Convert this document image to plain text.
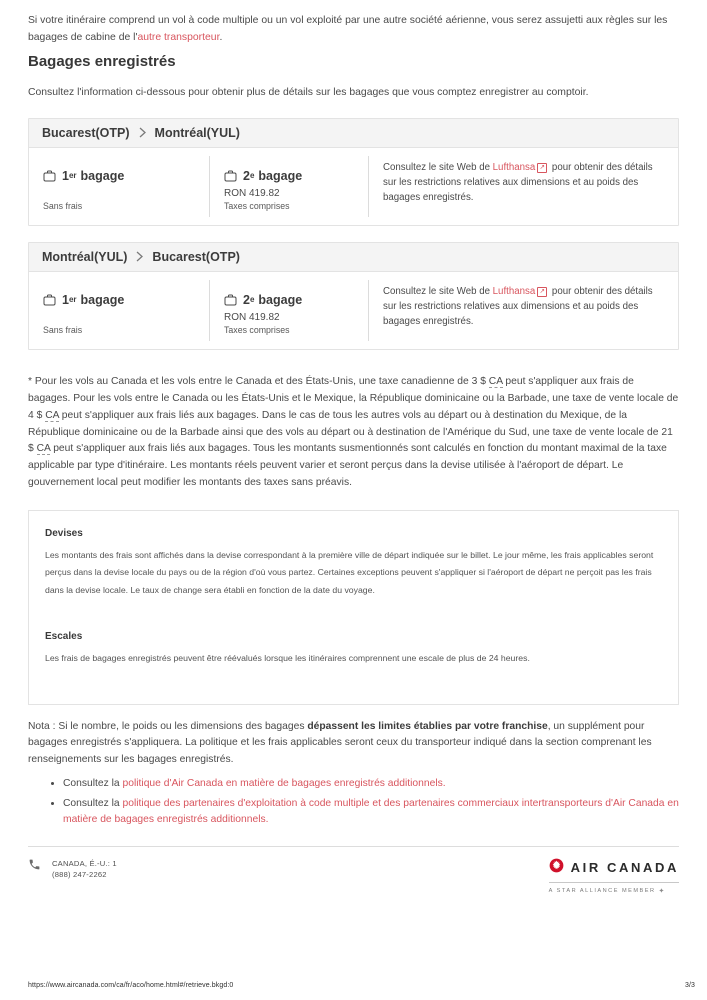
Si votre itinéraire comprend un vol à code multiple ou un vol exploité par une autre société aérienne, vous serez assujetti aux règles sur les bagages de cabine de l'autre transporteur.

Bagages enregistrés

Consultez l'information ci-dessous pour obtenir plus de détails sur les bagages que vous comptez enregistrer au comptoir.

Bucarest(OTP) Montréal(YUL)
1 er bagage
Sans frais
2 e bagage
RON 419.82
Taxes comprises
Consultez le site Web de Lufthansa ↗ pour obtenir des détails sur les restrictions relatives aux dimensions et au poids des bagages enregistrés.
Montréal(YUL) Bucarest(OTP)
1 er bagage
Sans frais
2 e bagage
RON 419.82
Taxes comprises
Consultez le site Web de Lufthansa ↗ pour obtenir des détails sur les restrictions relatives aux dimensions et au poids des bagages enregistrés.

* Pour les vols au Canada et les vols entre le Canada et des États-Unis, une taxe canadienne de 3 $ CA peut s'appliquer aux frais de bagages. Pour les vols entre le Canada ou les États-Unis et le Mexique, la République dominicaine ou la Barbade, une taxe de vente locale de 4 $ CA peut s'appliquer aux frais liés aux bagages. Dans le cas de tous les autres vols au départ ou à destination du Mexique, de la République dominicaine ou de la Barbade ainsi que des vols au départ ou à destination de l'Amérique du Sud, une taxe de vente locale de 21 $ CA peut s'appliquer aux frais liés aux bagages. Tous les montants susmentionnés sont calculés en fonction du montant maximal de la taxe applicable par type d'itinéraire. Les montants réels peuvent varier et seront perçus dans la devise utilisée à l'aéroport de départ. Le gouvernement local peut modifier les montants des taxes sans préavis.

Devises

Les montants des frais sont affichés dans la devise correspondant à la première ville de départ indiquée sur le billet. Le jour même, les frais applicables seront perçus dans la devise locale du pays ou de la région d'où vous partez. Certaines exceptions peuvent s'appliquer si l'aéroport de départ ne perçoit pas les frais dans la devise locale. Le taux de change sera établi en fonction de la date du voyage.

Escales

Les frais de bagages enregistrés peuvent être réévalués lorsque les itinéraires comprennent une escale de plus de 24 heures.

Nota : Si le nombre, le poids ou les dimensions des bagages dépassent les limites établies par votre franchise, un supplément pour bagages enregistrés s'appliquera. La politique et les frais applicables seront ceux du transporteur indiqué dans la section comprenant les renseignements sur les bagages enregistrés.

• Consultez la politique d'Air Canada en matière de bagages enregistrés additionnels.
• Consultez la politique des partenaires d'exploitation à code multiple et des partenaires commerciaux intertransporteurs d'Air Canada en matière de bagages enregistrés additionnels.
CANADA, É.-U.: 1 (888) 247-2262	AIR CANADA
A STAR ALLIANCE MEMBER ✦
https://www.aircanada.com/ca/fr/aco/home.html#/retrieve.bkgd:0	3/3
